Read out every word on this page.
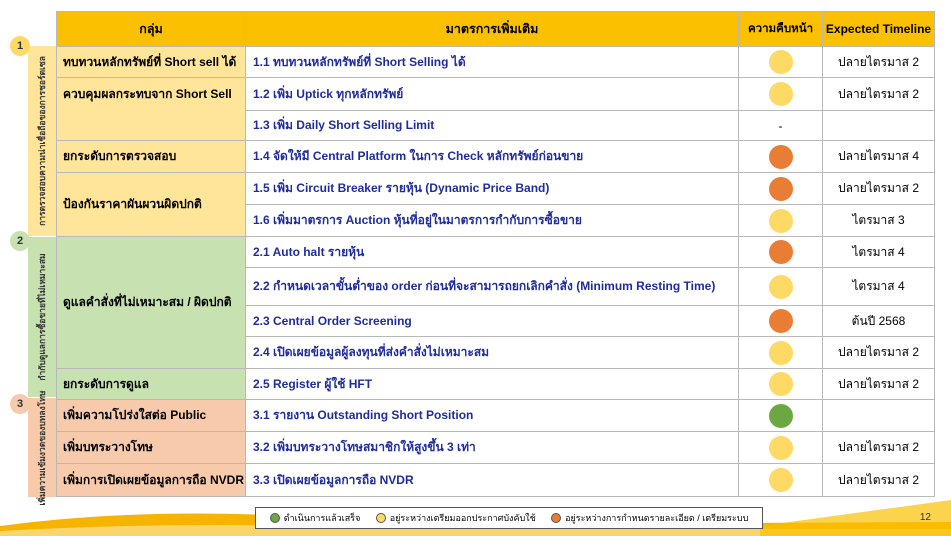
การตรวจสอบความน่าเชื่อถือของการชอร์ตเซล
กำกับดูแลการซื้อขายที่ไม่เหมาะสม
เพิ่มความเข้มงวดของบทลงโทษ
1
2
3
กลุ่ม	มาตรการเพิ่มเติม	ความคืบหน้า	Expected Timeline
ทบทวนหลักทรัพย์ที่ Short sell ได้	1.1 ทบทวนหลักทรัพย์ที่ Short Selling ได้		ปลายไตรมาส 2
ควบคุมผลกระทบจาก Short Sell	1.2 เพิ่ม Uptick ทุกหลักทรัพย์		ปลายไตรมาส 2
	1.3 เพิ่ม Daily Short Selling Limit	-	
ยกระดับการตรวจสอบ	1.4 จัดให้มี Central Platform ในการ Check หลักทรัพย์ก่อนขาย		ปลายไตรมาส 4
ป้องกันราคาผันผวนผิดปกติ	1.5 เพิ่ม Circuit Breaker รายหุ้น (Dynamic Price Band)		ปลายไตรมาส 2
	1.6 เพิ่มมาตรการ Auction หุ้นที่อยู่ในมาตรการกำกับการซื้อขาย		ไตรมาส 3
ดูแลคำสั่งที่ไม่เหมาะสม / ผิดปกติ	2.1 Auto halt รายหุ้น		ไตรมาส 4
	2.2 กำหนดเวลาขั้นต่ำของ order ก่อนที่จะสามารถยกเลิกคำสั่ง (Minimum Resting Time)		ไตรมาส 4
	2.3 Central Order Screening		ต้นปี 2568
	2.4 เปิดเผยข้อมูลผู้ลงทุนที่ส่งคำสั่งไม่เหมาะสม		ปลายไตรมาส 2
ยกระดับการดูแล	2.5 Register ผู้ใช้ HFT		ปลายไตรมาส 2
เพิ่มความโปร่งใสต่อ Public	3.1 รายงาน Outstanding Short Position		
เพิ่มบทระวางโทษ	3.2 เพิ่มบทระวางโทษสมาชิกให้สูงขึ้น 3 เท่า		ปลายไตรมาส 2
เพิ่มการเปิดเผยข้อมูลการถือ NVDR	3.3 เปิดเผยข้อมูลการถือ NVDR		ปลายไตรมาส 2
ดำเนินการแล้วเสร็จ	อยู่ระหว่างเตรียมออกประกาศบังคับใช้	อยู่ระหว่างการกำหนดรายละเอียด / เตรียมระบบ	12
